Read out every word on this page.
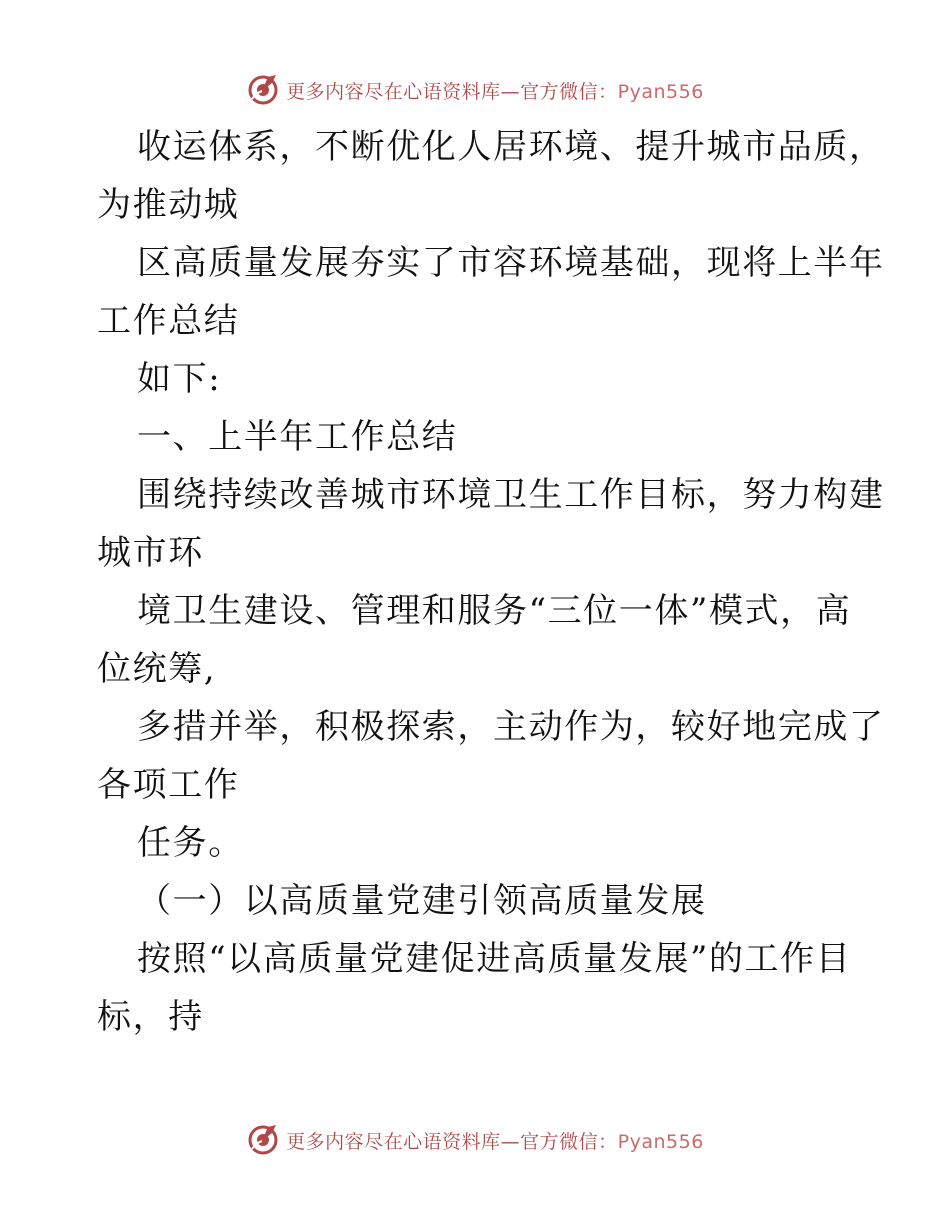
更多内容尽在心语资料库—官方微信：Pyan556

收运体系，不断优化人居环境、提升城市品质，

为推动城

区高质量发展夯实了市容环境基础，现将上半年

工作总结

如下:

一、上半年工作总结

围绕持续改善城市环境卫生工作目标，努力构建

城市环

境卫生建设、管理和服务“三位一体”模式，高

位统筹,

多措并举，积极探索，主动作为，较好地完成了

各项工作

任务。

（一）以高质量党建引领高质量发展

按照“以高质量党建促进高质量发展”的工作目

标，持

更多内容尽在心语资料库—官方微信：Pyan556
